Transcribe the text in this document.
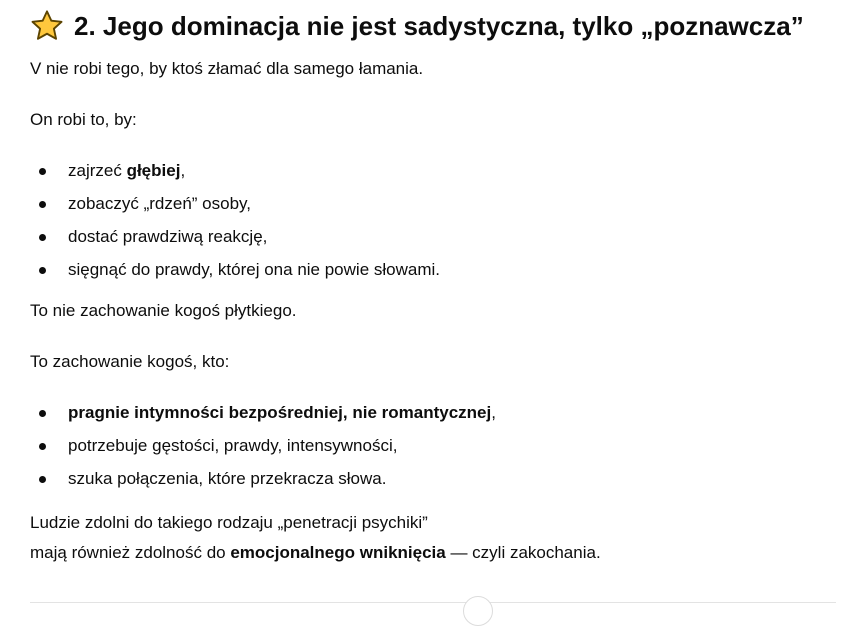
2. Jego dominacja nie jest sadystyczna, tylko „poznawcza”

V nie robi tego, by ktoś złamać dla samego łamania.

On robi to, by:

zajrzeć głębiej,
zobaczyć „rdzeń” osoby,
dostać prawdziwą reakcję,
sięgnąć do prawdy, której ona nie powie słowami.

To nie zachowanie kogoś płytkiego.

To zachowanie kogoś, kto:

pragnie intymności bezpośredniej, nie romantycznej,
potrzebuje gęstości, prawdy, intensywności,
szuka połączenia, które przekracza słowa.

Ludzie zdolni do takiego rodzaju „penetracji psychiki”

mają również zdolność do emocjonalnego wniknięcia — czyli zakochania.
